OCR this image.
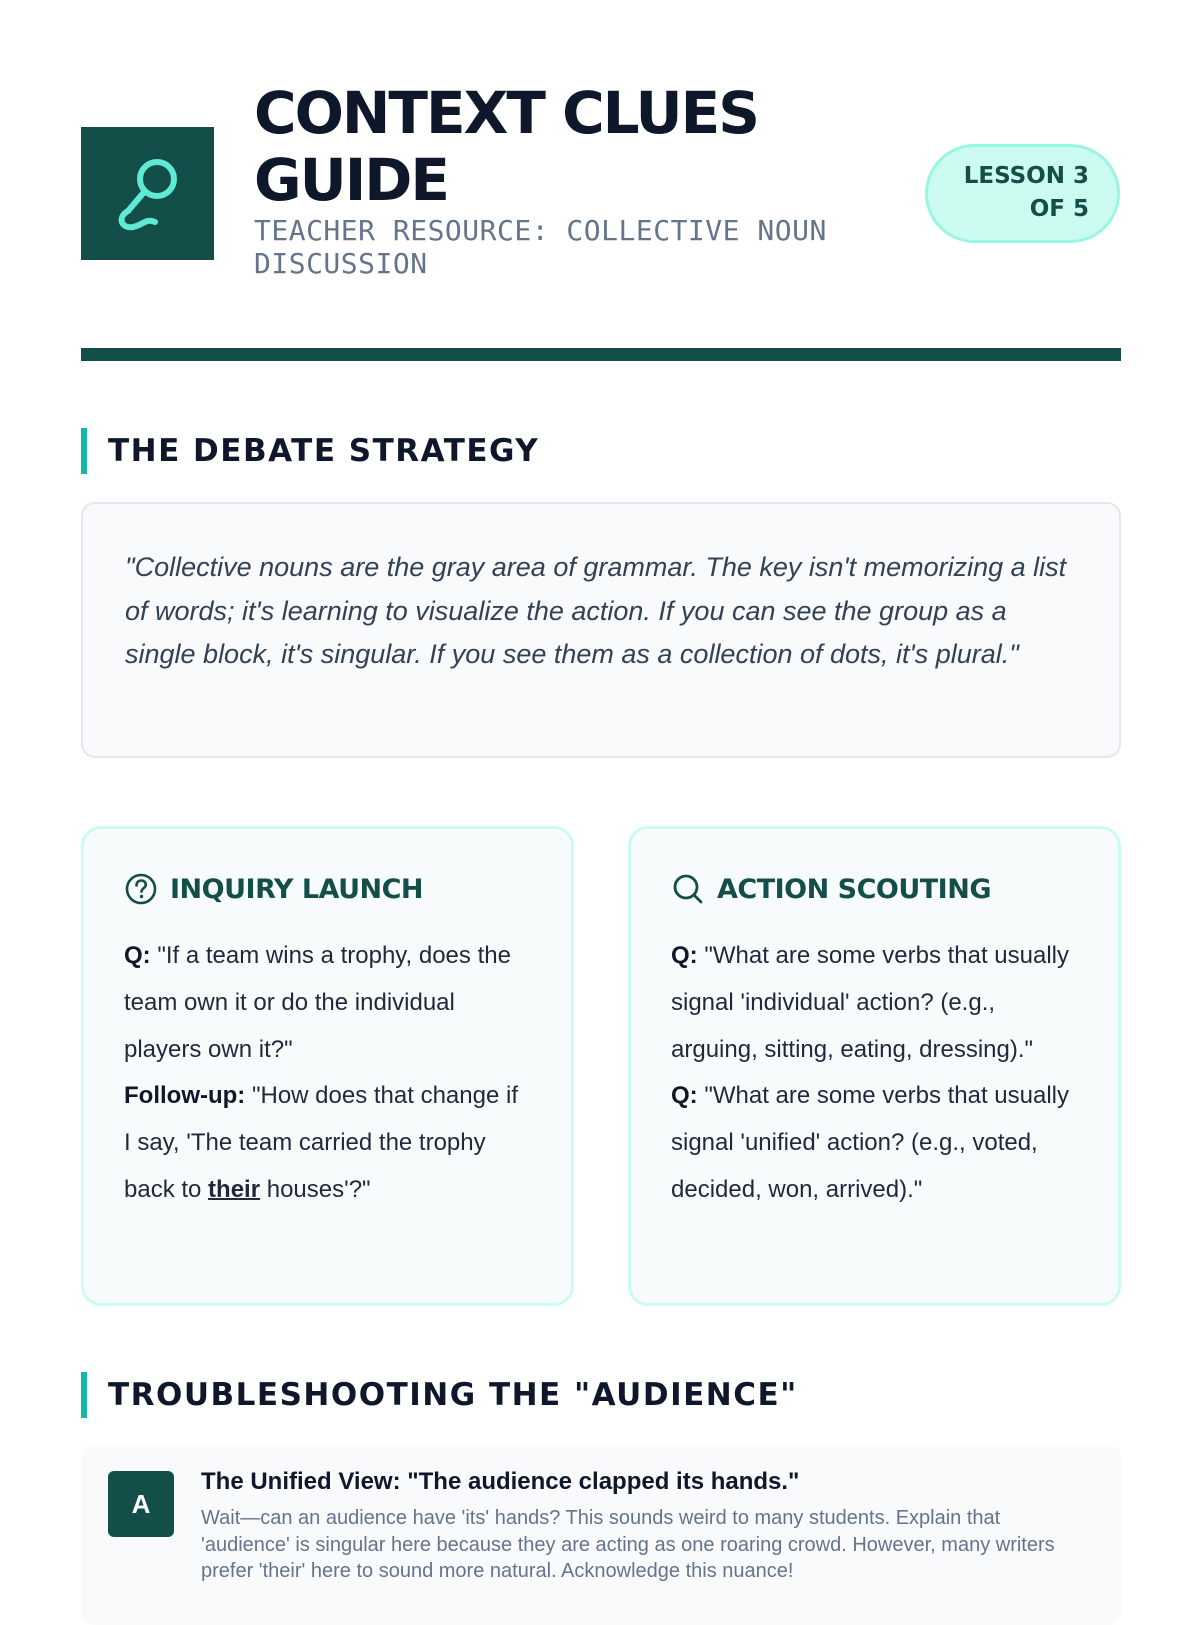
CONTEXT CLUES GUIDE

TEACHER RESOURCE: COLLECTIVE NOUN DISCUSSION

LESSON 3 OF 5
THE DEBATE STRATEGY

"Collective nouns are the gray area of grammar. The key isn't memorizing a list of words; it's learning to visualize the action. If you can see the group as a single block, it's singular. If you see them as a collection of dots, it's plural."

INQUIRY LAUNCH

Q: "If a team wins a trophy, does the team own it or do the individual players own it?"

Follow-up: "How does that change if I say, 'The team carried the trophy back to their houses'?"

ACTION SCOUTING

Q: "What are some verbs that usually signal 'individual' action? (e.g., arguing, sitting, eating, dressing)."

Q: "What are some verbs that usually signal 'unified' action? (e.g., voted, decided, won, arrived)."

TROUBLESHOOTING THE "AUDIENCE"
A

The Unified View: "The audience clapped its hands."

Wait—can an audience have 'its' hands? This sounds weird to many students. Explain that 'audience' is singular here because they are acting as one roaring crowd. However, many writers prefer 'their' here to sound more natural. Acknowledge this nuance!
